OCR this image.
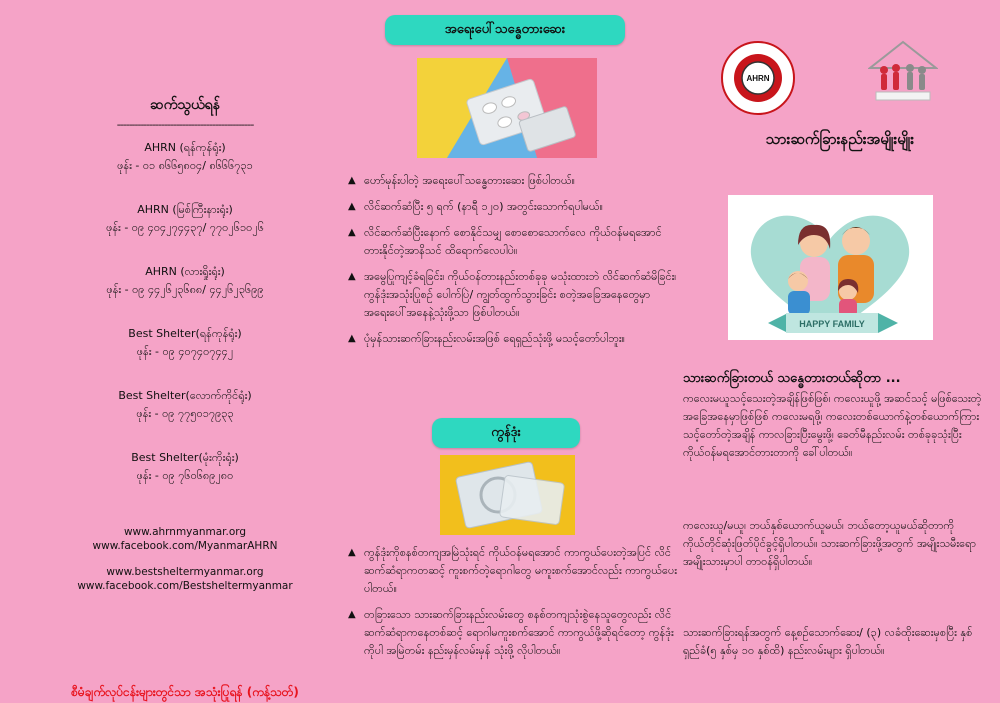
ဆက်သွယ်ရန်
----------------------------------------------
AHRN (ရန်ကုန်ရုံး)
ဖုန်း - ၀၁ ၈၆၆၅၈၀၄/ ၈၆၆၆၇၃၁
AHRN (မြစ်ကြီးနားရုံး)
ဖုန်း - ၀၉ ၄၀၄၂၇၄၄၃၇/ ၇၇၀၂၆၁၀၂၆
AHRN (လားရှိုးရုံး)
ဖုန်း - ၀၉ ၄၄၂၆၂၃၆၈၈/ ၄၄၂၆၂၃၆၉၉
Best Shelter(ရန်ကုန်ရုံး)
ဖုန်း - ၀၉ ၄၀၇၄၀၇၄၄၂
Best Shelter(လောက်ကိုင်ရုံး)
ဖုန်း - ၀၉ ၇၇၅၀၁၇၉၃၃
Best Shelter(မုံးကိုးရုံး)
ဖုန်း - ၀၉ ၇၆၀၆၈၉၂၈၀
www.ahrnmyanmar.org
www.facebook.com/MyanmarAHRN
www.bestsheltermyanmar.org
www.facebook.com/Bestsheltermyanmar
စီမံချက်လုပ်ငန်းများတွင်သာ အသုံးပြုရန် (ကန့်သတ်)
အရေးပေါ်သန္ဓေတားဆေး
▲ ဟော်မုန်းပါတဲ့ အရေးပေါ်သန္ဓေတားဆေး ဖြစ်ပါတယ်။
▲ လိင်ဆက်ဆံပြီး ၅ ရက် (နာရီ ၁၂၀) အတွင်းသောက်ရပါမယ်။
▲ လိင်ဆက်ဆံပြီးနောက် စောနိုင်သမျှ စောစောသောက်လေ ကိုယ်ဝန်မရအောင် တားနိုင်တဲ့အာနိသင် ထိရောက်လေပါပဲ။
▲ အမွေပြုကျင့်ခံရခြင်း၊ ကိုယ်ဝန်တားနည်းတစ်ခုခု မသုံးထားဘဲ လိင်ဆက်ဆံမိခြင်း၊ ကွန်ဒုံးအသုံးပြုစဉ် ပေါက်ပြဲ/ ကျွတ်ထွက်သွားခြင်း စတဲ့အခြေအနေတွေမှာ အရေးပေါ်အနေနဲ့သုံးဖို့သာ ဖြစ်ပါတယ်။
▲ ပုံမှန်သားဆက်ခြားနည်းလမ်းအဖြစ် ရေရှည်သုံးဖို့ မသင့်တော်ပါဘူး။
ကွန်ဒုံး
▲ ကွန်ဒုံးကိုစနစ်တကျအမြဲသုံးရင် ကိုယ်ဝန်မရအောင် ကာကွယ်ပေးတဲ့အပြင် လိင်ဆက်ဆံရာကတဆင့် ကူးစက်တဲ့ရောဂါတွေ မကူးစက်အောင်လည်း ကာကွယ်ပေးပါတယ်။
▲ တခြားသော သားဆက်ခြားနည်းလမ်းတွေ စနစ်တကျသုံးစွဲနေသူတွေလည်း လိင်ဆက်ဆံရာကနေတစ်ဆင့် ရောဂါမကူးစက်အောင် ကာကွယ်ဖို့ဆိုရင်တော့ ကွန်ဒုံးကိုပါ အမြဲတမ်း နည်းမှန်လမ်းမှန် သုံးဖို့ လိုပါတယ်။
AHRN
သားဆက်ခြားနည်းအမျိုးမျိုး
HAPPY FAMILY
သားဆက်ခြားတယ် သန္ဓေတားတယ်ဆိုတာ ...
ကလေးမယူသင့်သေးတဲ့အချိန်ဖြစ်ဖြစ်၊ ကလေးယူဖို့ အဆင်သင့် မဖြစ်သေးတဲ့ အခြေအနေမှာဖြစ်ဖြစ် ကလေးမရဖို့၊ ကလေးတစ်ယောက်နဲ့တစ်ယောက်ကြား သင့်တော်တဲ့အချိန် ကာလခြားပြီးမွေးဖို့၊ ခေတ်မီနည်းလမ်း တစ်ခုခုသုံးပြီး ကိုယ်ဝန်မရအောင်တားတာကို ခေါ်ပါတယ်။
ကလေးယူ/မယူ၊ ဘယ်နှစ်ယောက်ယူမယ်၊ ဘယ်တော့ယူမယ်ဆိုတာကို ကိုယ်တိုင်ဆုံးဖြတ်ပိုင်ခွင့်ရှိပါတယ်။ သားဆက်ခြားဖို့အတွက် အမျိုးသမီးရော အမျိုးသားမှာပါ တာဝန်ရှိပါတယ်။
သားဆက်ခြားရန်အတွက် နေ့စဉ်သောက်ဆေး/ (၃) လခံထိုးဆေးမှစပြီး နှစ်ရှည်ခံ(၅ နှစ်မှ ၁၀ နှစ်ထိ) နည်းလမ်းများ ရှိပါတယ်။
